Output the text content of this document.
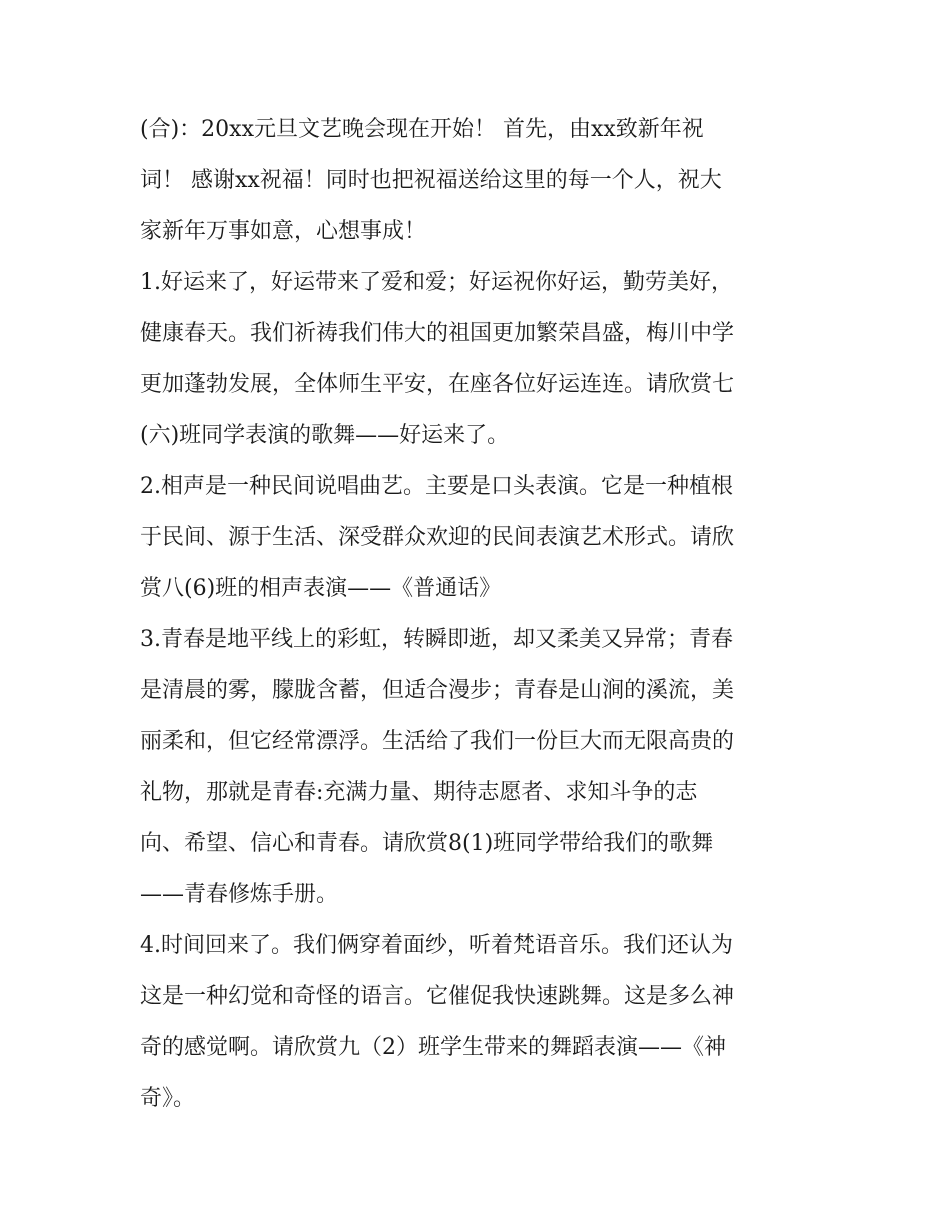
(合)：20xx元旦文艺晚会现在开始！ 首先，由xx致新年祝
词！ 感谢xx祝福！同时也把祝福送给这里的每一个人，祝大
家新年万事如意，心想事成！
1.好运来了，好运带来了爱和爱；好运祝你好运，勤劳美好，
健康春天。我们祈祷我们伟大的祖国更加繁荣昌盛，梅川中学
更加蓬勃发展，全体师生平安，在座各位好运连连。请欣赏七
(六)班同学表演的歌舞——好运来了。
2.相声是一种民间说唱曲艺。主要是口头表演。它是一种植根
于民间、源于生活、深受群众欢迎的民间表演艺术形式。请欣
赏八(6)班的相声表演——《普通话》
3.青春是地平线上的彩虹，转瞬即逝，却又柔美又异常；青春
是清晨的雾，朦胧含蓄，但适合漫步；青春是山涧的溪流，美
丽柔和，但它经常漂浮。生活给了我们一份巨大而无限高贵的
礼物，那就是青春:充满力量、期待志愿者、求知斗争的志
向、希望、信心和青春。请欣赏8(1)班同学带给我们的歌舞
——青春修炼手册。
4.时间回来了。我们俩穿着面纱，听着梵语音乐。我们还认为
这是一种幻觉和奇怪的语言。它催促我快速跳舞。这是多么神
奇的感觉啊。请欣赏九（2）班学生带来的舞蹈表演——《神
奇》。
